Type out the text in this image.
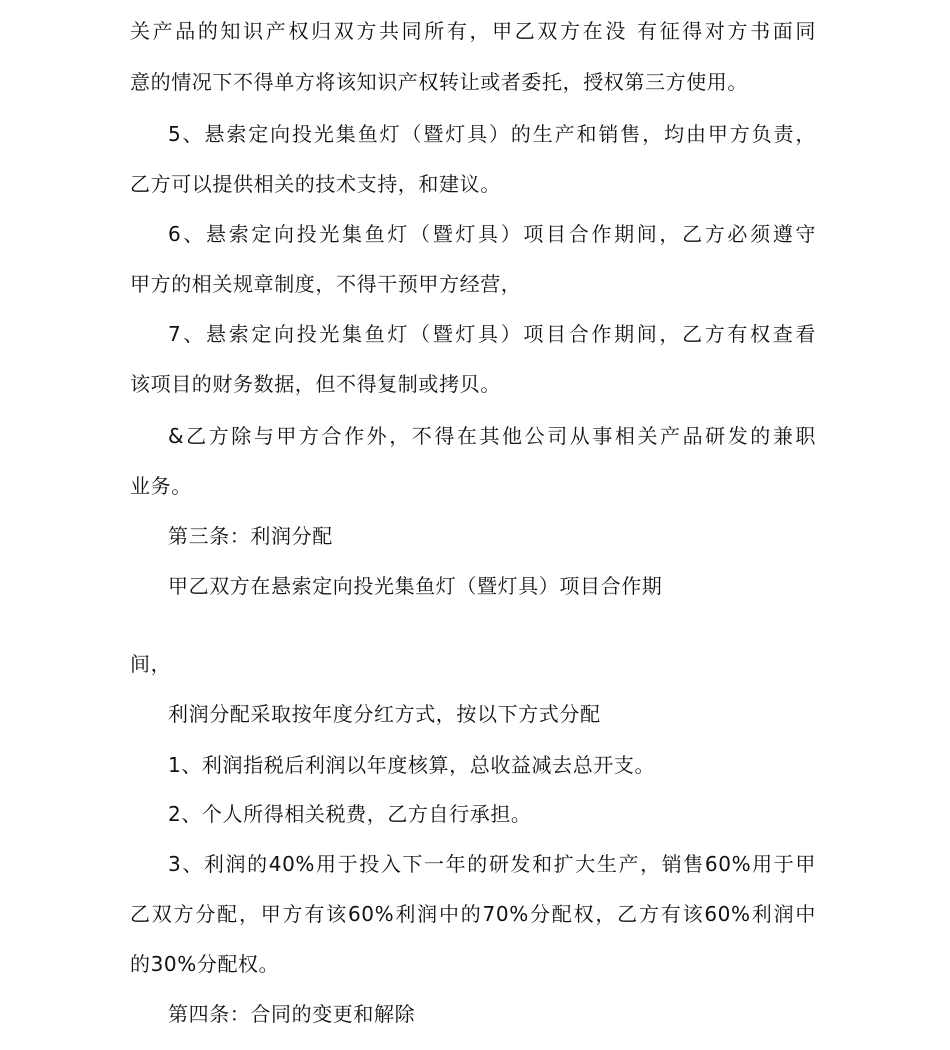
关产品的知识产权归双方共同所有，甲乙双方在没 有征得对方书面同
意的情况下不得单方将该知识产权转让或者委托，授权第三方使用。
5、悬索定向投光集鱼灯（暨灯具）的生产和销售，均由甲方负责，
乙方可以提供相关的技术支持，和建议。
6、悬索定向投光集鱼灯（暨灯具）项目合作期间，乙方必须遵守
甲方的相关规章制度，不得干预甲方经营，
7、悬索定向投光集鱼灯（暨灯具）项目合作期间，乙方有权查看
该项目的财务数据，但不得复制或拷贝。
&乙方除与甲方合作外，不得在其他公司从事相关产品研发的兼职
业务。
第三条：利润分配
甲乙双方在悬索定向投光集鱼灯（暨灯具）项目合作期
间，
利润分配采取按年度分红方式，按以下方式分配
1、利润指税后利润以年度核算，总收益减去总开支。
2、个人所得相关税费，乙方自行承担。
3、利润的40%用于投入下一年的研发和扩大生产，销售60%用于甲
乙双方分配，甲方有该60%利润中的70%分配权，乙方有该60%利润中
的30%分配权。
第四条：合同的变更和解除
